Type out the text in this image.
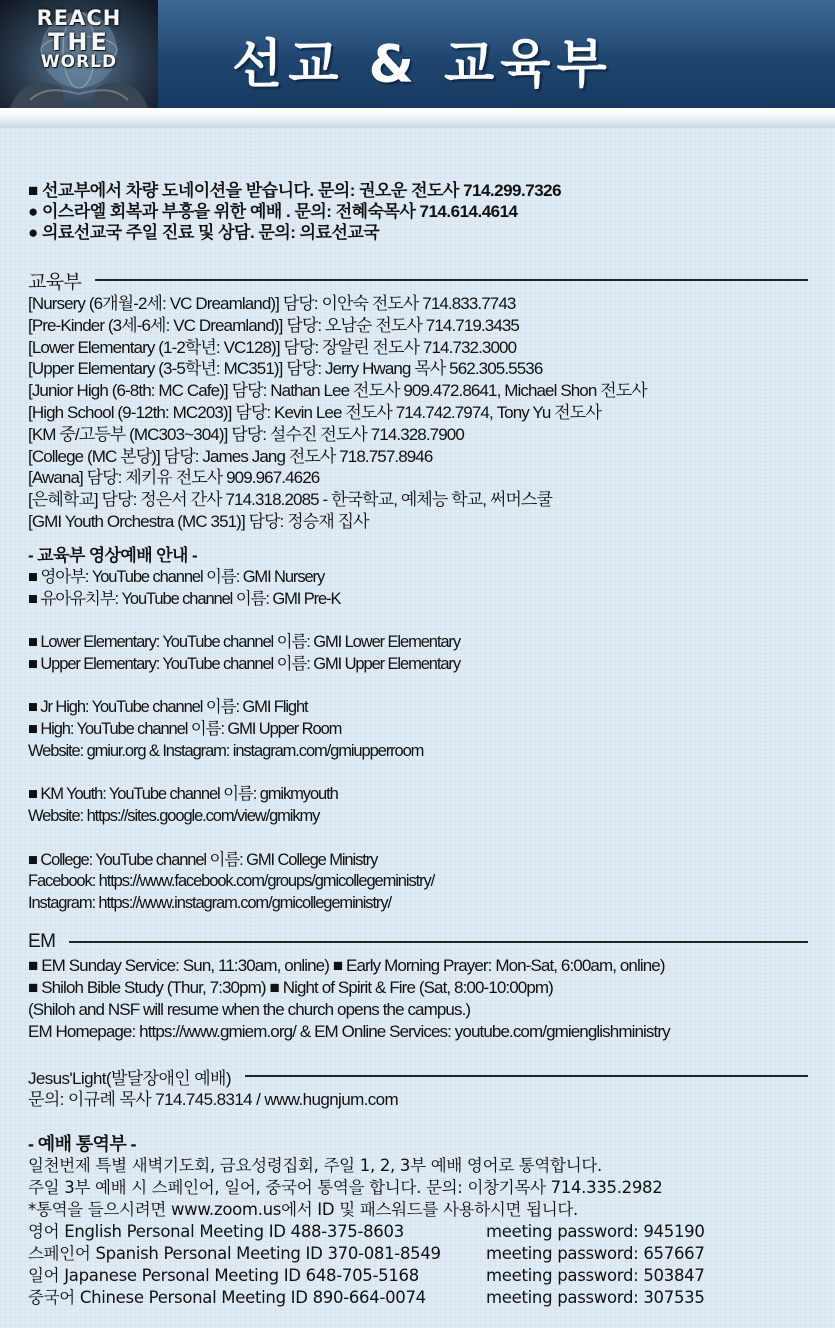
REACH
THE
WORLD	선교 & 교육부
■ 선교부에서 차량 도네이션을 받습니다. 문의: 권오운 전도사 714.299.7326
● 이스라엘 회복과 부흥을 위한 예배 . 문의: 전혜숙목사 714.614.4614
● 의료선교국 주일 진료 및 상담. 문의: 의료선교국
교육부
[Nursery (6개월-2세: VC Dreamland)] 담당: 이안숙 전도사 714.833.7743
[Pre-Kinder (3세-6세: VC Dreamland)] 담당: 오남순 전도사 714.719.3435
[Lower Elementary (1-2학년: VC128)] 담당: 장알린 전도사 714.732.3000
[Upper Elementary (3-5학년: MC351)] 담당: Jerry Hwang 목사 562.305.5536
[Junior High (6-8th: MC Cafe)] 담당: Nathan Lee 전도사 909.472.8641, Michael Shon 전도사
[High School (9-12th: MC203)] 담당: Kevin Lee 전도사 714.742.7974, Tony Yu 전도사
[KM 중/고등부 (MC303~304)] 담당: 설수진 전도사 714.328.7900
[College (MC 본당)] 담당: James Jang 전도사 718.757.8946
[Awana] 담당: 제키유 전도사 909.967.4626
[은혜학교] 담당: 정은서 간사 714.318.2085 - 한국학교, 예체능 학교, 써머스쿨
[GMI Youth Orchestra (MC 351)] 담당: 정승재 집사
- 교육부 영상예배 안내 -
■ 영아부: YouTube channel 이름: GMI Nursery
■ 유아유치부: YouTube channel 이름: GMI Pre-K
■ Lower Elementary: YouTube channel 이름: GMI Lower Elementary
■ Upper Elementary: YouTube channel 이름: GMI Upper Elementary
■ Jr High: YouTube channel 이름: GMI Flight
■ High: YouTube channel 이름: GMI Upper Room
Website: gmiur.org & Instagram: instagram.com/gmiupperroom
■ KM Youth: YouTube channel 이름: gmikmyouth
Website: https://sites.google.com/view/gmikmy
■ College: YouTube channel 이름: GMI College Ministry
Facebook: https://www.facebook.com/groups/gmicollegeministry/
Instagram: https://www.instagram.com/gmicollegeministry/
EM
■ EM Sunday Service: Sun, 11:30am, online) ■ Early Morning Prayer: Mon-Sat, 6:00am, online)
■ Shiloh Bible Study (Thur, 7:30pm) ■ Night of Spirit & Fire (Sat, 8:00-10:00pm)
(Shiloh and NSF will resume when the church opens the campus.)
EM Homepage: https://www.gmiem.org/ & EM Online Services: youtube.com/gmienglishministry
Jesus'Light(발달장애인 예배)
문의: 이규례 목사 714.745.8314 / www.hugnjum.com
- 예배 통역부 -
일천번제 특별 새벽기도회, 금요성령집회, 주일 1, 2, 3부 예배 영어로 통역합니다.
주일 3부 예배 시 스페인어, 일어, 중국어 통역을 합니다. 문의: 이창기목사 714.335.2982
*통역을 들으시려면 www.zoom.us에서 ID 및 패스워드를 사용하시면 됩니다.
영어 English Personal Meeting ID 488-375-8603	meeting password: 945190
스페인어 Spanish Personal Meeting ID 370-081-8549	meeting password: 657667
일어 Japanese Personal Meeting ID 648-705-5168	meeting password: 503847
중국어 Chinese Personal Meeting ID 890-664-0074	meeting password: 307535
